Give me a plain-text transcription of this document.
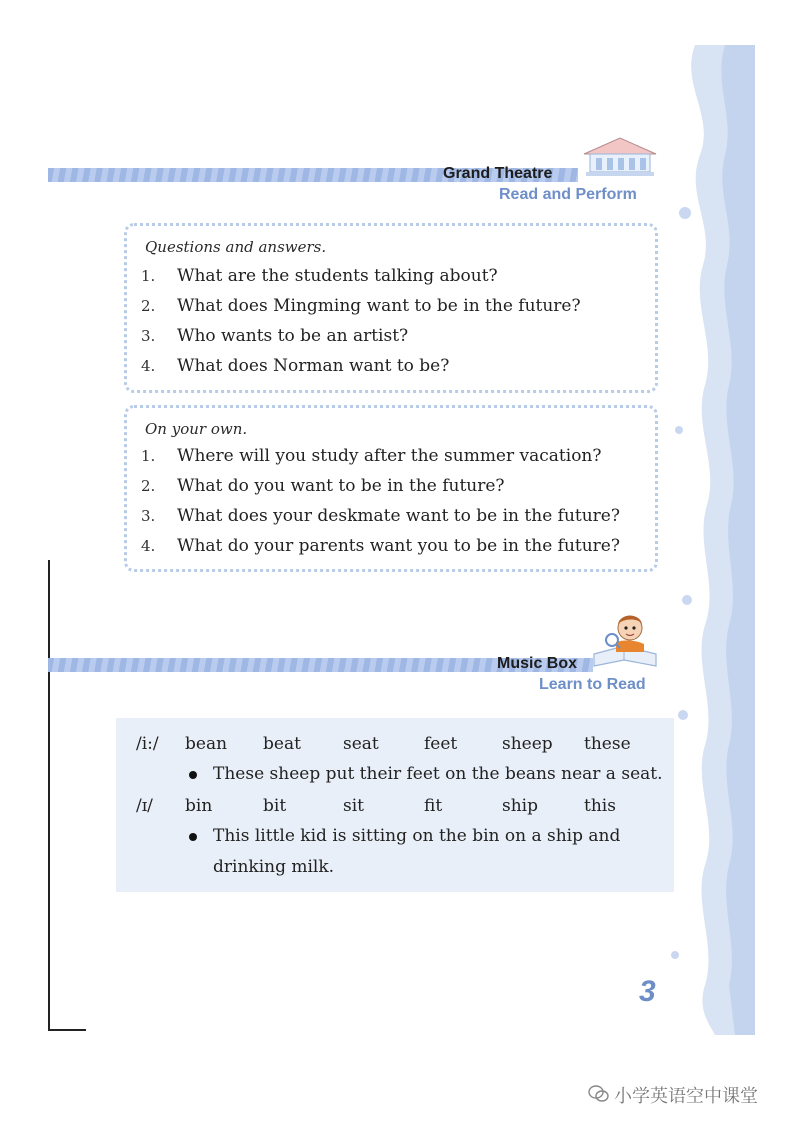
Grand Theatre
Read and Perform
Questions and answers.
1. What are the students talking about?
2. What does Mingming want to be in the future?
3. Who wants to be an artist?
4. What does Norman want to be?
On your own.
1. Where will you study after the summer vacation?
2. What do you want to be in the future?
3. What does your deskmate want to be in the future?
4. What do your parents want you to be in the future?
Music Box
Learn to Read
/i:/ bean beat seat	feet	sheep these
These sheep put their feet on the beans near a seat.
/ɪ/ bin	bit	sit	fit	ship	this
This little kid is sitting on the bin on a ship and
drinking milk.
3
小学英语空中课堂
